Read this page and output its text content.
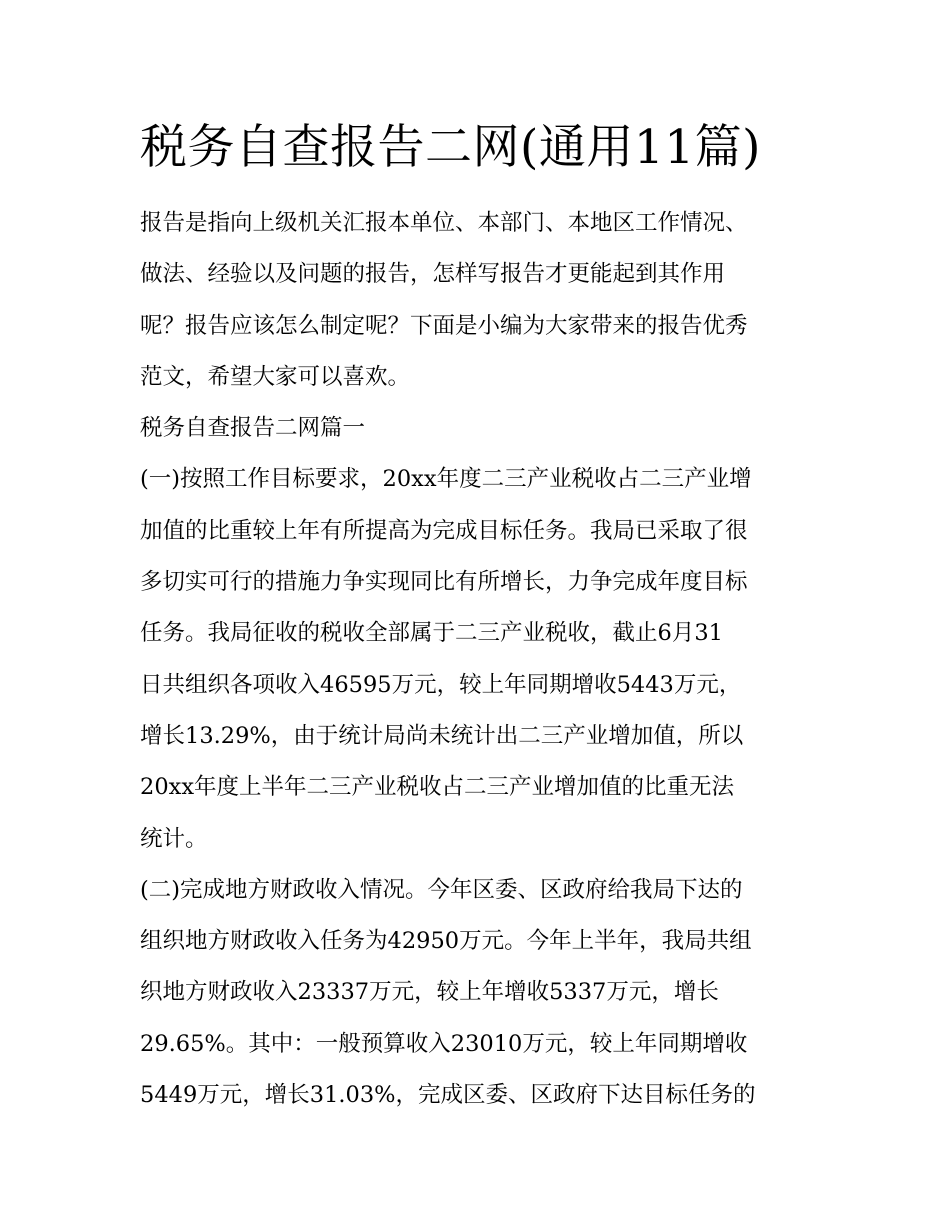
税务自查报告二网(通用11篇)

报告是指向上级机关汇报本单位、本部门、本地区工作情况、
做法、经验以及问题的报告，怎样写报告才更能起到其作用
呢？报告应该怎么制定呢？下面是小编为大家带来的报告优秀
范文，希望大家可以喜欢。

税务自查报告二网篇一

(一)按照工作目标要求，20xx年度二三产业税收占二三产业增
加值的比重较上年有所提高为完成目标任务。我局已采取了很
多切实可行的措施力争实现同比有所增长，力争完成年度目标
任务。我局征收的税收全部属于二三产业税收，截止6月31
日共组织各项收入46595万元，较上年同期增收5443万元，
增长13.29%，由于统计局尚未统计出二三产业增加值，所以
20xx年度上半年二三产业税收占二三产业增加值的比重无法
统计。

(二)完成地方财政收入情况。今年区委、区政府给我局下达的
组织地方财政收入任务为42950万元。今年上半年，我局共组
织地方财政收入23337万元，较上年增收5337万元，增长
29.65%。其中：一般预算收入23010万元，较上年同期增收
5449万元，增长31.03%，完成区委、区政府下达目标任务的
